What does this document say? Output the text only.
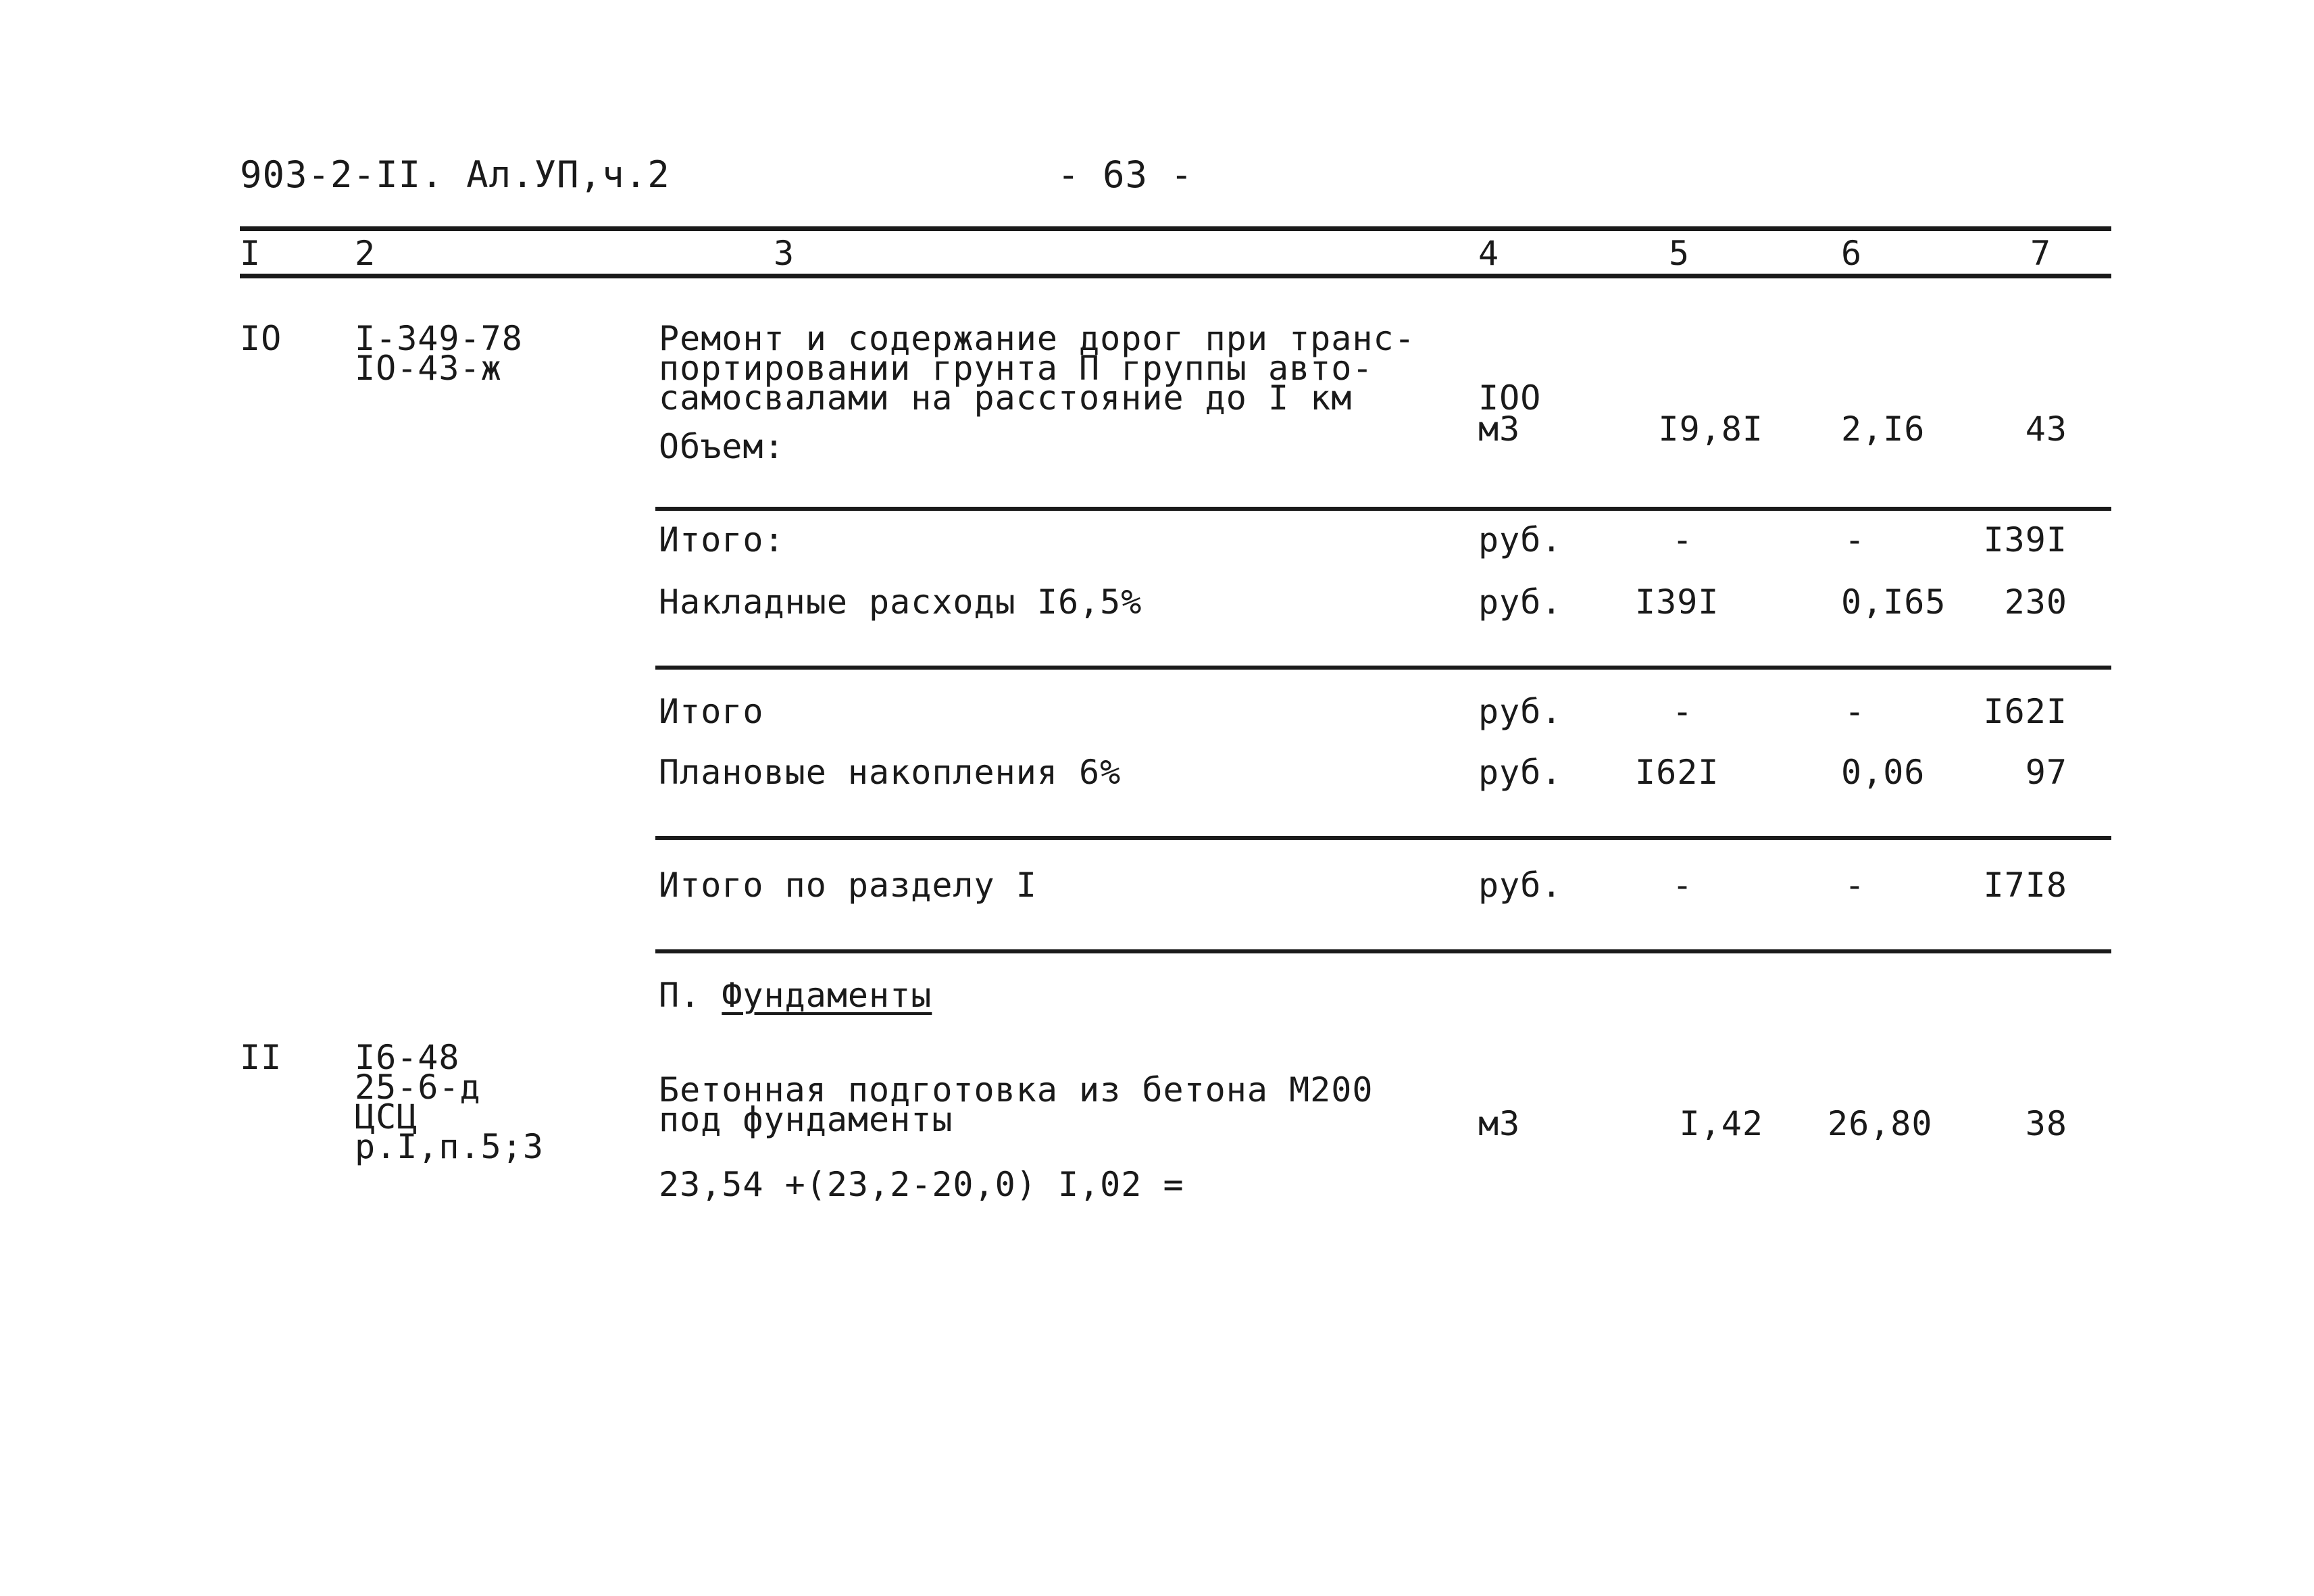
903-2-II. Ал.УП,ч.2	- 63 -
I	2	3	4	5	6	7
IO I-349-78
IO-43-ж
Ремонт и содержание дорог при транс-
портировании грунта П группы авто-
самосвалами на расстояние до I км
Объем:
IOO
м3	I9,8I 2,I6	43
Итого:	руб.	-	-	I39I
Накладные расходы I6,5%	руб. I39I	0,I65	230
Итого	руб.	-	-	I62I
Плановые накопления 6%	руб. I62I	0,06	97
Итого по разделу I	руб.	-	-	I7I8
П. Фундаменты
II I6-48
25-6-д
ЦСЦ
р.I,п.5;3
Бетонная подготовка из бетона М200
под фундаменты	м3	I,42 26,80	38
23,54 +(23,2-20,0) I,02 =
